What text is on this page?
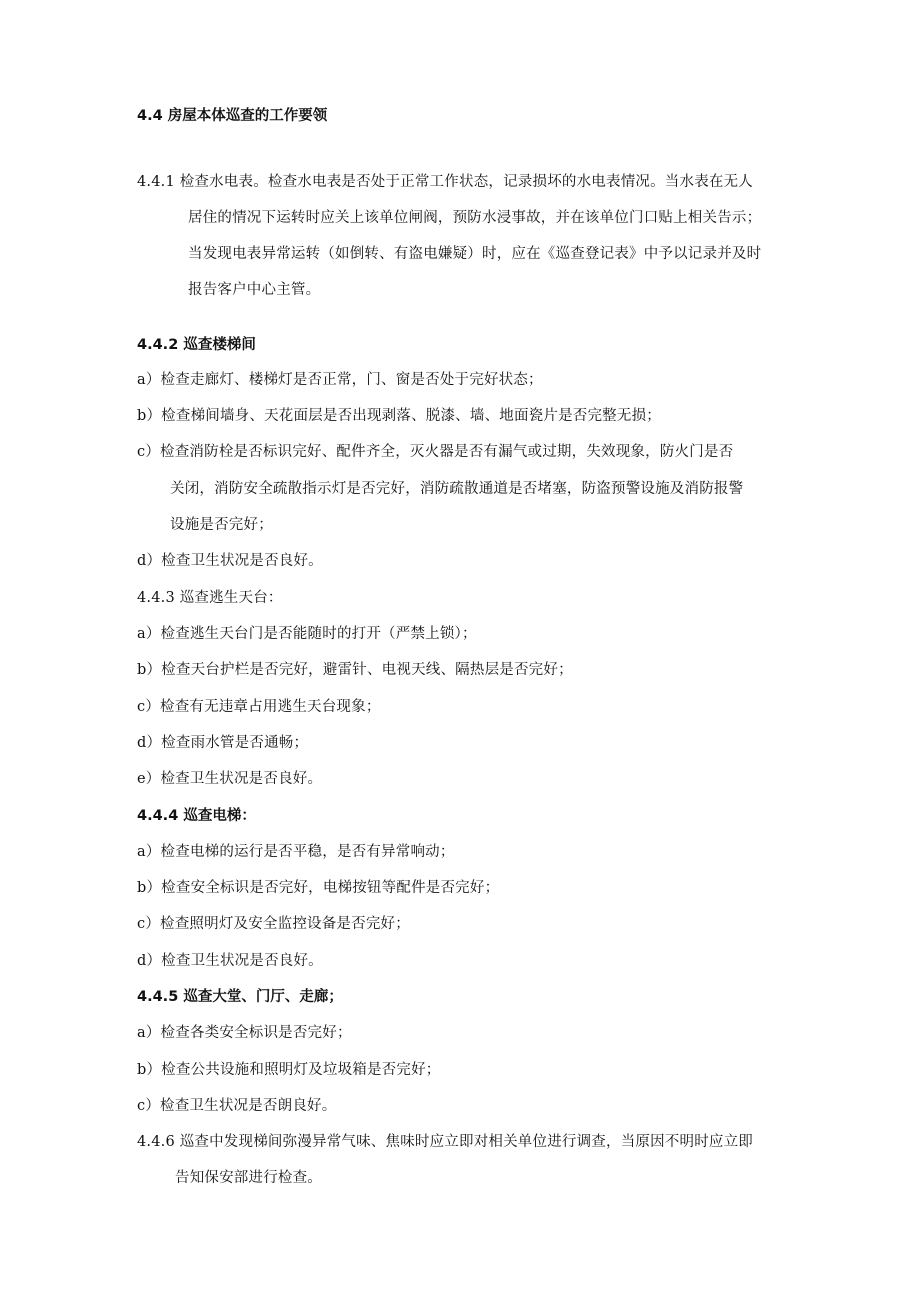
4.4 房屋本体巡查的工作要领
4.4.1 检查水电表。检查水电表是否处于正常工作状态，记录损坏的水电表情况。当水表在无人
居住的情况下运转时应关上该单位闸阀，预防水浸事故，并在该单位门口贴上相关告示；
当发现电表异常运转（如倒转、有盗电嫌疑）时，应在《巡查登记表》中予以记录并及时
报告客户中心主管。
4.4.2 巡查楼梯间
a）检查走廊灯、楼梯灯是否正常，门、窗是否处于完好状态；
b）检查梯间墙身、天花面层是否出现剥落、脱漆、墙、地面瓷片是否完整无损；
c）检查消防栓是否标识完好、配件齐全，灭火器是否有漏气或过期，失效现象，防火门是否
关闭，消防安全疏散指示灯是否完好，消防疏散通道是否堵塞，防盗预警设施及消防报警
设施是否完好；
d）检查卫生状况是否良好。
4.4.3 巡查逃生天台：
a）检查逃生天台门是否能随时的打开（严禁上锁）；
b）检查天台护栏是否完好，避雷针、电视天线、隔热层是否完好；
c）检查有无违章占用逃生天台现象；
d）检查雨水管是否通畅；
e）检查卫生状况是否良好。
4.4.4 巡查电梯：
a）检查电梯的运行是否平稳，是否有异常响动；
b）检查安全标识是否完好，电梯按钮等配件是否完好；
c）检查照明灯及安全监控设备是否完好；
d）检查卫生状况是否良好。
4.4.5 巡查大堂、门厅、走廊；
a）检查各类安全标识是否完好；
b）检查公共设施和照明灯及垃圾箱是否完好；
c）检查卫生状况是否朗良好。
4.4.6 巡查中发现梯间弥漫异常气味、焦味时应立即对相关单位进行调查，当原因不明时应立即
告知保安部进行检查。
